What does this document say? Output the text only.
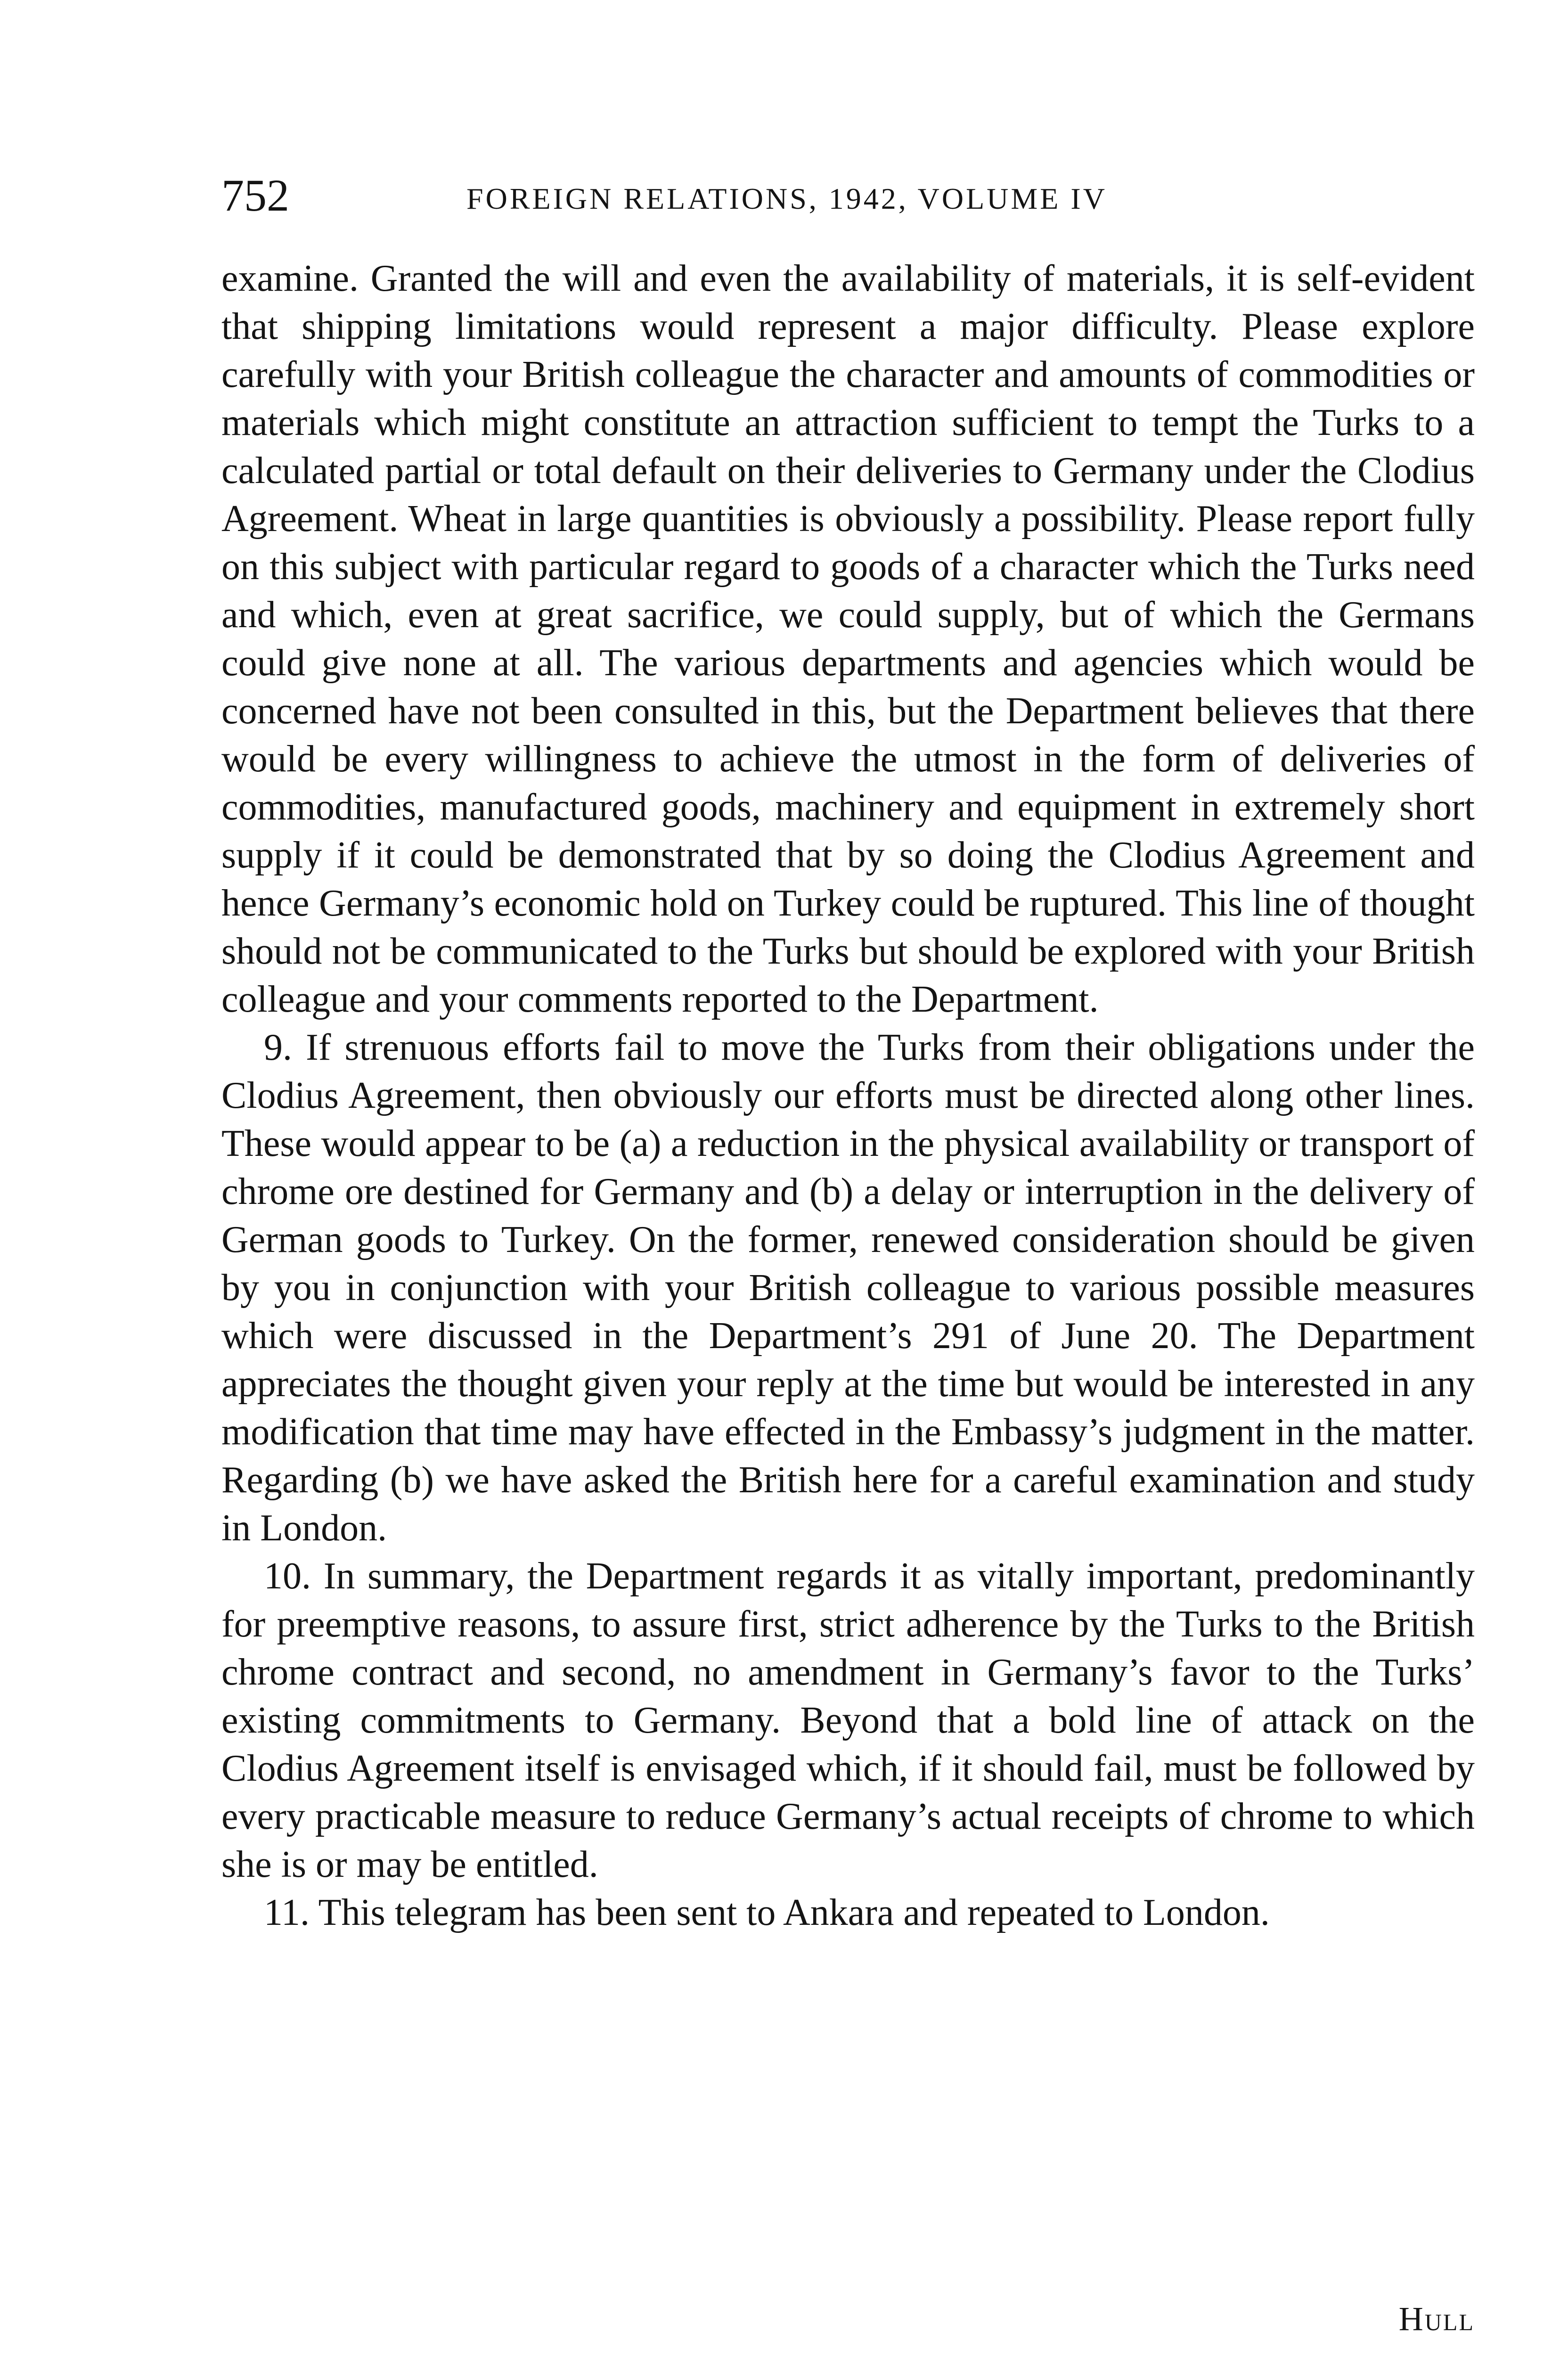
752	FOREIGN RELATIONS, 1942, VOLUME IV

examine. Granted the will and even the availability of materials, it is self-evident that shipping limitations would represent a major difficulty. Please explore carefully with your British colleague the character and amounts of commodities or materials which might constitute an attraction sufficient to tempt the Turks to a calculated partial or total default on their deliveries to Germany under the Clodius Agreement. Wheat in large quantities is obviously a possibility. Please report fully on this subject with particular regard to goods of a character which the Turks need and which, even at great sacrifice, we could supply, but of which the Germans could give none at all. The various departments and agencies which would be concerned have not been consulted in this, but the Department believes that there would be every willingness to achieve the utmost in the form of deliveries of commodities, manufactured goods, machinery and equipment in extremely short supply if it could be demonstrated that by so doing the Clodius Agreement and hence Germany’s economic hold on Turkey could be ruptured. This line of thought should not be communicated to the Turks but should be explored with your British colleague and your comments reported to the Department.

9. If strenuous efforts fail to move the Turks from their obligations under the Clodius Agreement, then obviously our efforts must be directed along other lines. These would appear to be (a) a reduction in the physical availability or transport of chrome ore destined for Germany and (b) a delay or interruption in the delivery of German goods to Turkey. On the former, renewed consideration should be given by you in conjunction with your British colleague to various possible measures which were discussed in the Department’s 291 of June 20. The Department appreciates the thought given your reply at the time but would be interested in any modification that time may have effected in the Embassy’s judgment in the matter. Regarding (b) we have asked the British here for a careful examination and study in London.

10. In summary, the Department regards it as vitally important, predominantly for preemptive reasons, to assure first, strict adherence by the Turks to the British chrome contract and second, no amendment in Germany’s favor to the Turks’ existing commitments to Germany. Beyond that a bold line of attack on the Clodius Agreement itself is envisaged which, if it should fail, must be followed by every practicable measure to reduce Germany’s actual receipts of chrome to which she is or may be entitled.

11. This telegram has been sent to Ankara and repeated to London.

Hull
